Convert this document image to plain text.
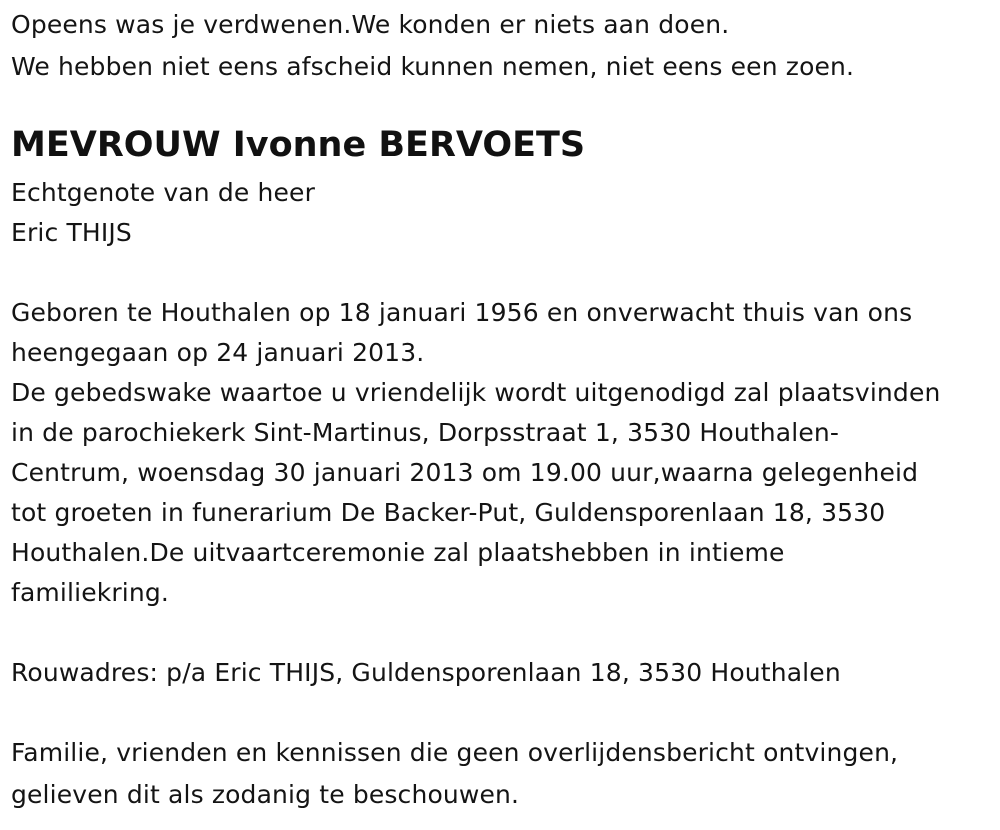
Opeens was je verdwenen.We konden er niets aan doen.
We hebben niet eens afscheid kunnen nemen, niet eens een zoen.
MEVROUW Ivonne BERVOETS
Echtgenote van de heer
Eric THIJS
Geboren te Houthalen op 18 januari 1956 en onverwacht thuis van ons
heengegaan op 24 januari 2013.
De gebedswake waartoe u vriendelijk wordt uitgenodigd zal plaatsvinden
in de parochiekerk Sint-Martinus, Dorpsstraat 1, 3530 Houthalen-
Centrum, woensdag 30 januari 2013 om 19.00 uur,waarna gelegenheid
tot groeten in funerarium De Backer-Put, Guldensporenlaan 18, 3530
Houthalen.De uitvaartceremonie zal plaatshebben in intieme
familiekring.
Rouwadres: p/a Eric THIJS, Guldensporenlaan 18, 3530 Houthalen
Familie, vrienden en kennissen die geen overlijdensbericht ontvingen,
gelieven dit als zodanig te beschouwen.
